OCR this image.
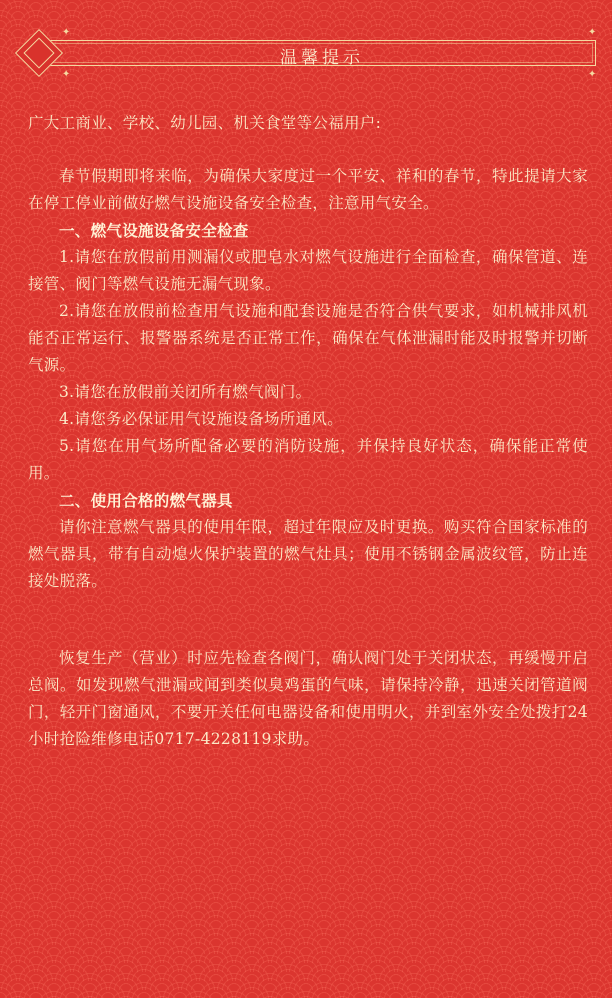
温馨提示
✦
✦
✦
✦

广大工商业、学校、幼儿园、机关食堂等公福用户:

春节假期即将来临，为确保大家度过一个平安、祥和的春节，特此提请大家在停工停业前做好燃气设施设备安全检查，注意用气安全。

一、燃气设施设备安全检查

1.请您在放假前用测漏仪或肥皂水对燃气设施进行全面检查，确保管道、连接管、阀门等燃气设施无漏气现象。

2.请您在放假前检查用气设施和配套设施是否符合供气要求，如机械排风机能否正常运行、报警器系统是否正常工作，确保在气体泄漏时能及时报警并切断气源。

3.请您在放假前关闭所有燃气阀门。

4.请您务必保证用气设施设备场所通风。

5.请您在用气场所配备必要的消防设施，并保持良好状态，确保能正常使用。

二、使用合格的燃气器具

请你注意燃气器具的使用年限，超过年限应及时更换。购买符合国家标准的燃气器具，带有自动熄火保护装置的燃气灶具；使用不锈钢金属波纹管，防止连接处脱落。

恢复生产（营业）时应先检查各阀门，确认阀门处于关闭状态，再缓慢开启总阀。如发现燃气泄漏或闻到类似臭鸡蛋的气味，请保持冷静，迅速关闭管道阀门，轻开门窗通风，不要开关任何电器设备和使用明火，并到室外安全处拨打24小时抢险维修电话0717-4228119求助。
